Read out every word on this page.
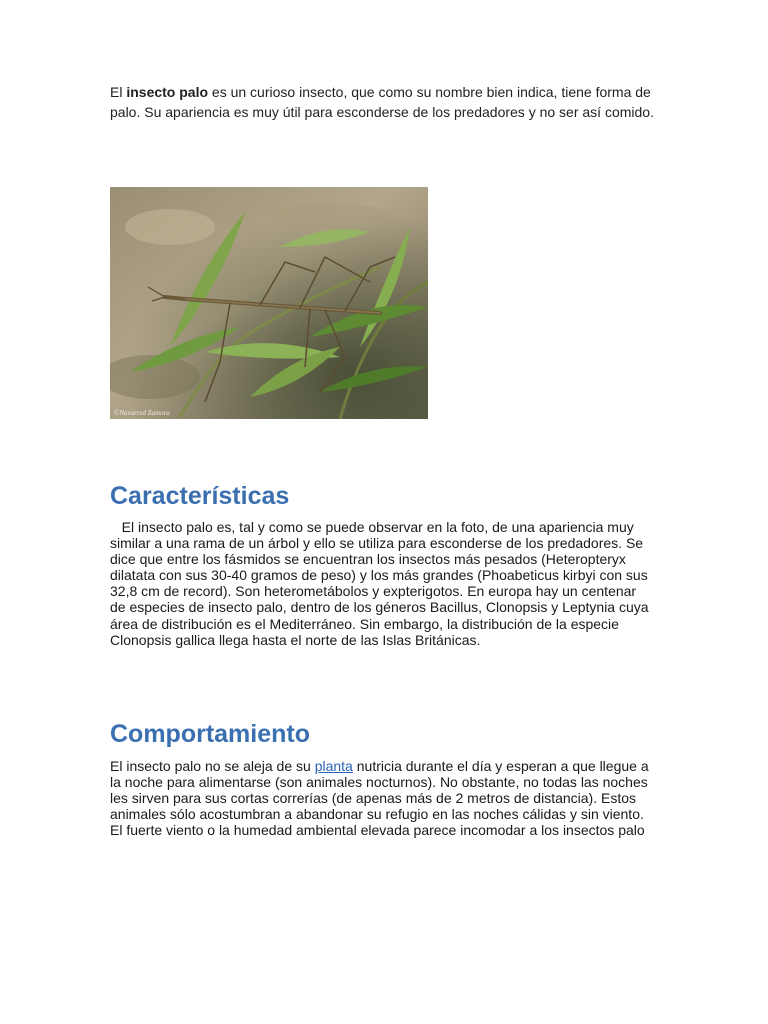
El insecto palo es un curioso insecto, que como su nombre bien indica, tiene forma de palo. Su apariencia es muy útil para esconderse de los predadores y no ser así comido.

©Navarred Zamora
Características

El insecto palo es, tal y como se puede observar en la foto, de una apariencia muy similar a una rama de un árbol y ello se utiliza para esconderse de los predadores. Se dice que entre los fásmidos se encuentran los insectos más pesados (Heteropteryx dilatata con sus 30-40 gramos de peso) y los más grandes (Phoabeticus kirbyi con sus 32,8 cm de record). Son heterometábolos y expterigotos. En europa hay un centenar de especies de insecto palo, dentro de los géneros Bacillus, Clonopsis y Leptynia cuya área de distribución es el Mediterráneo. Sin embargo, la distribución de la especie Clonopsis gallica llega hasta el norte de las Islas Británicas.

Comportamiento

El insecto palo no se aleja de su planta nutricia durante el día y esperan a que llegue a la noche para alimentarse (son animales nocturnos). No obstante, no todas las noches les sirven para sus cortas correrías (de apenas más de 2 metros de distancia). Estos animales sólo acostumbran a abandonar su refugio en las noches cálidas y sin viento. El fuerte viento o la humedad ambiental elevada parece incomodar a los insectos palo
